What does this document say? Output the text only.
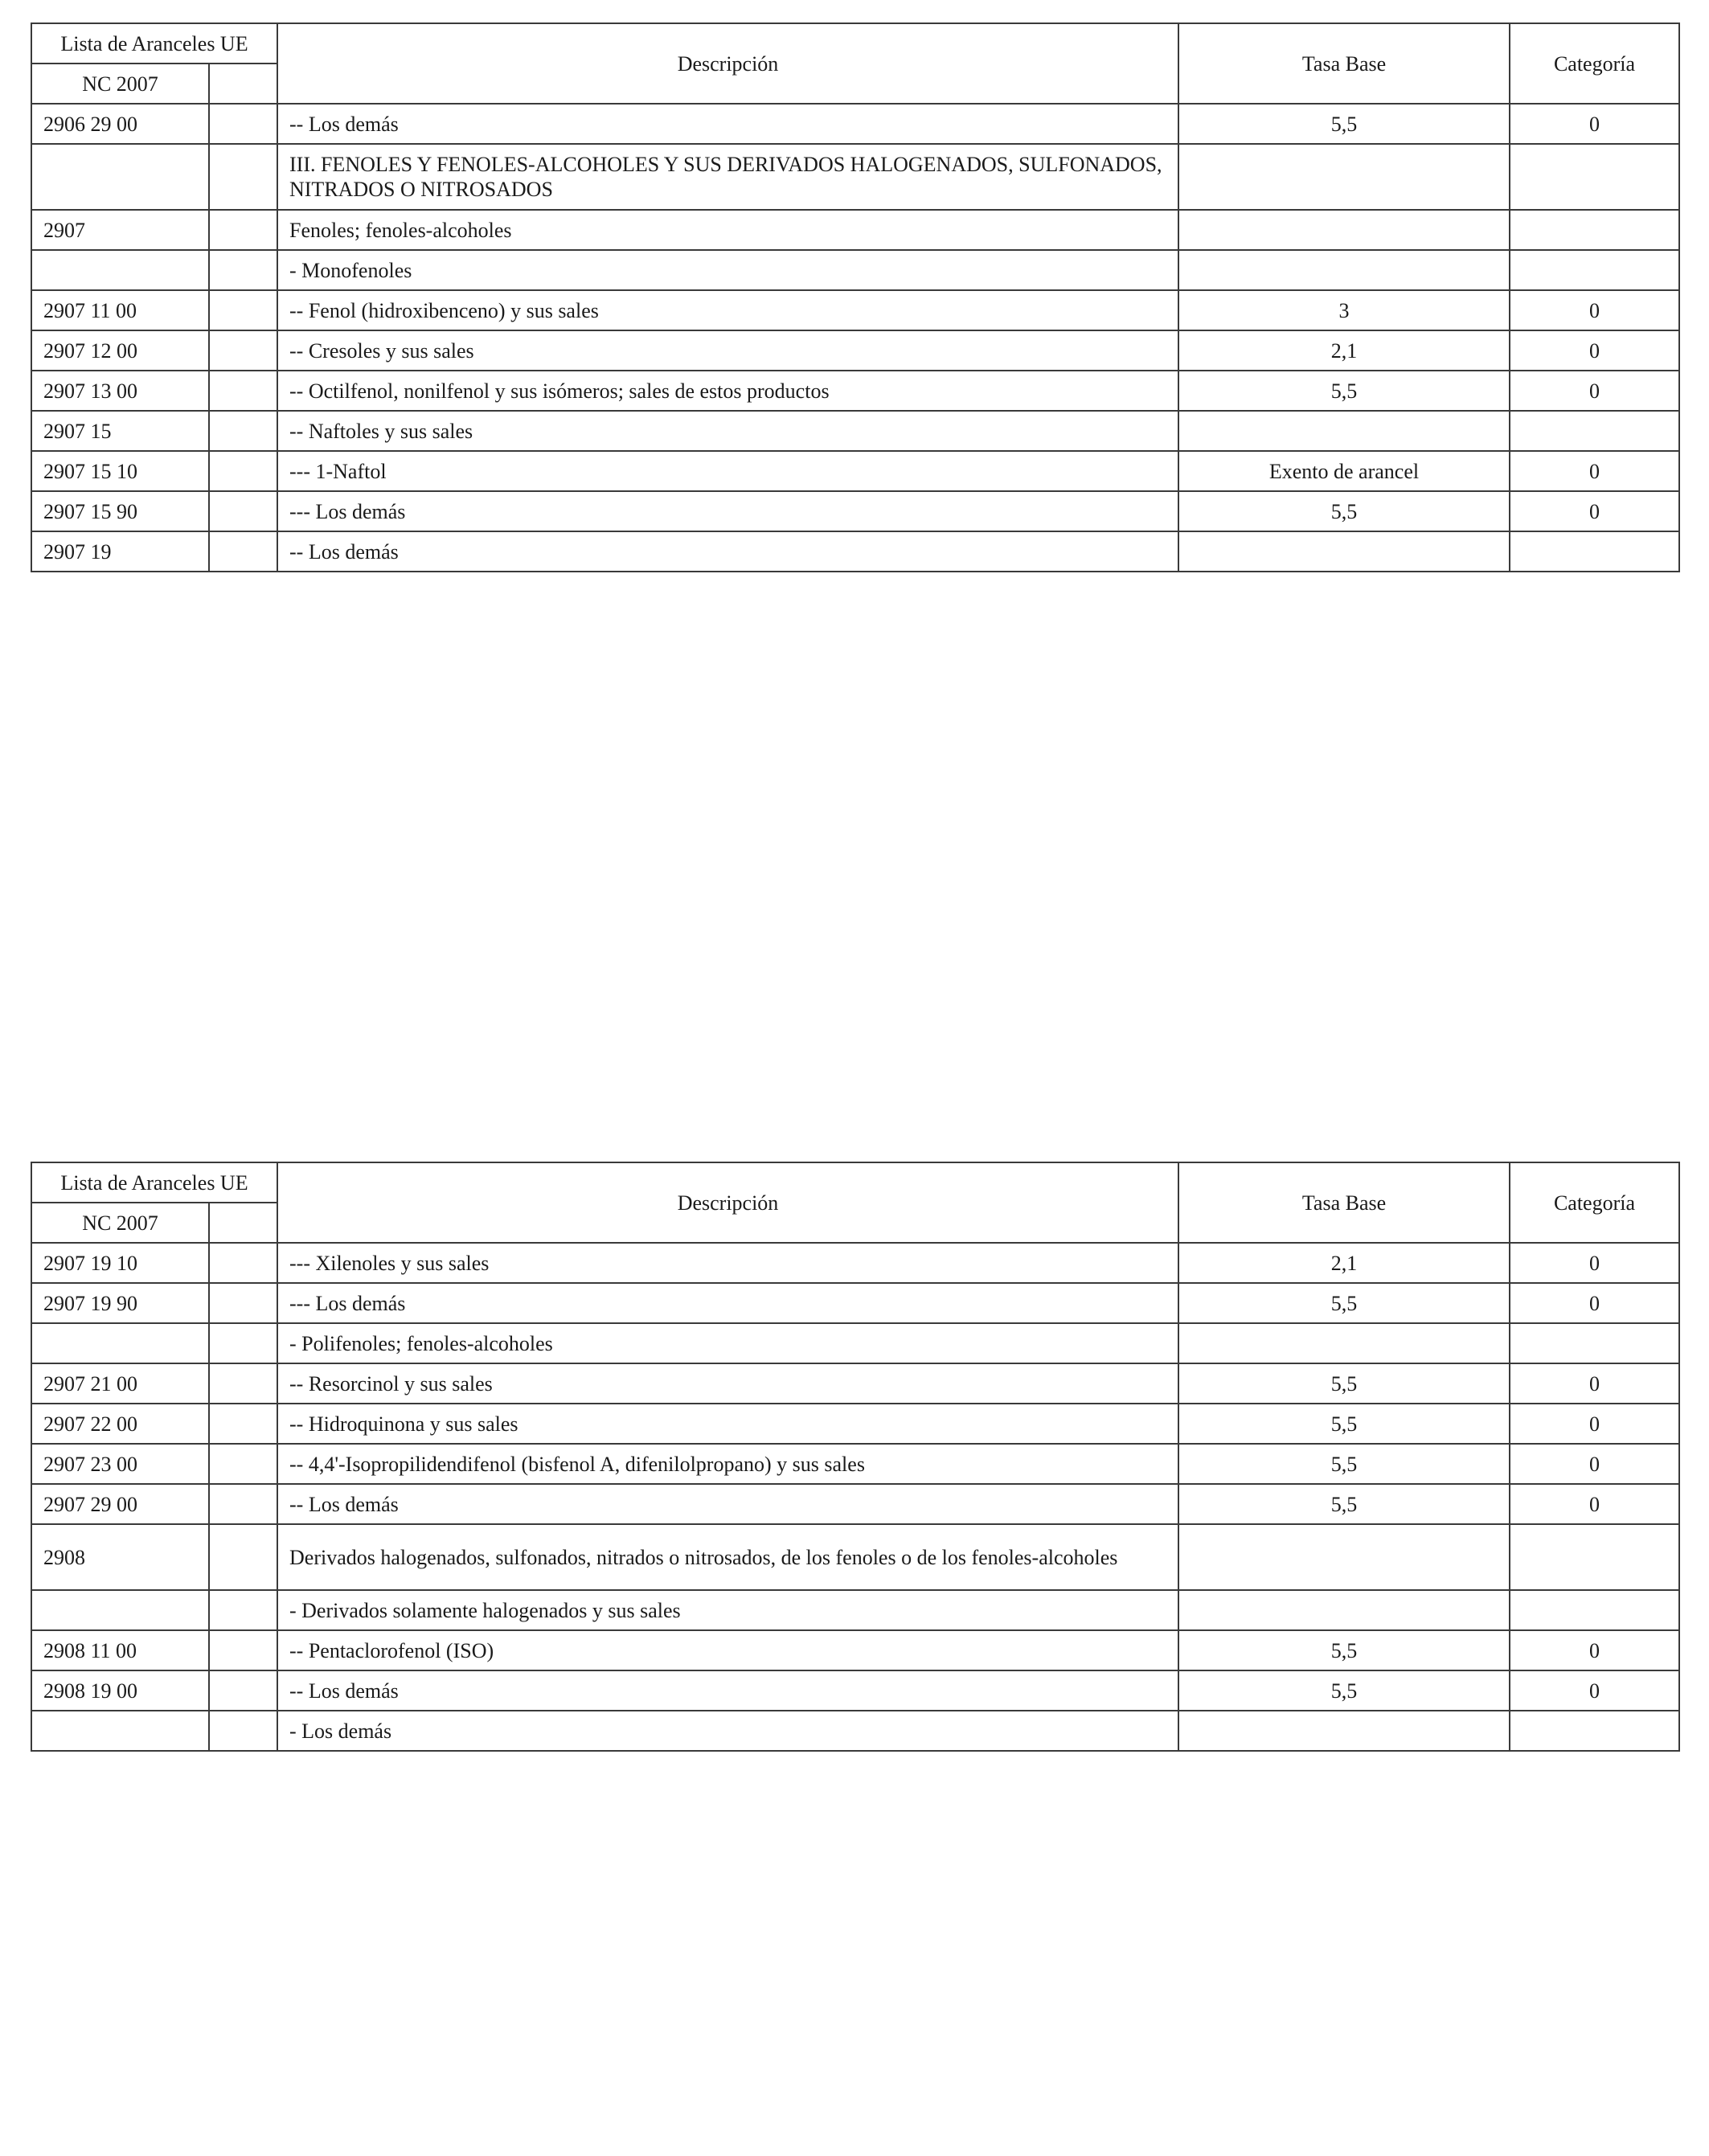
Lista de Aranceles UE		Descripción	Tasa Base	Categoría
NC 2007				
2906 29 00		-- Los demás	5,5	0
		III. FENOLES Y FENOLES-ALCOHOLES Y SUS DERIVADOS HALOGENADOS, SULFONADOS, NITRADOS O NITROSADOS		
2907		Fenoles; fenoles-alcoholes		
		- Monofenoles		
2907 11 00		-- Fenol (hidroxibenceno) y sus sales	3	0
2907 12 00		-- Cresoles y sus sales	2,1	0
2907 13 00		-- Octilfenol, nonilfenol y sus isómeros; sales de estos productos	5,5	0
2907 15		-- Naftoles y sus sales		
2907 15 10		--- 1-Naftol	Exento de arancel	0
2907 15 90		--- Los demás	5,5	0
2907 19		-- Los demás		
Lista de Aranceles UE		Descripción	Tasa Base	Categoría
NC 2007				
2907 19 10		--- Xilenoles y sus sales	2,1	0
2907 19 90		--- Los demás	5,5	0
		- Polifenoles; fenoles-alcoholes		
2907 21 00		-- Resorcinol y sus sales	5,5	0
2907 22 00		-- Hidroquinona y sus sales	5,5	0
2907 23 00		-- 4,4'-Isopropilidendifenol (bisfenol A, difenilolpropano) y sus sales	5,5	0
2907 29 00		-- Los demás	5,5	0
2908		Derivados halogenados, sulfonados, nitrados o nitrosados, de los fenoles o de los fenoles-alcoholes		
		- Derivados solamente halogenados y sus sales		
2908 11 00		-- Pentaclorofenol (ISO)	5,5	0
2908 19 00		-- Los demás	5,5	0
		- Los demás		
